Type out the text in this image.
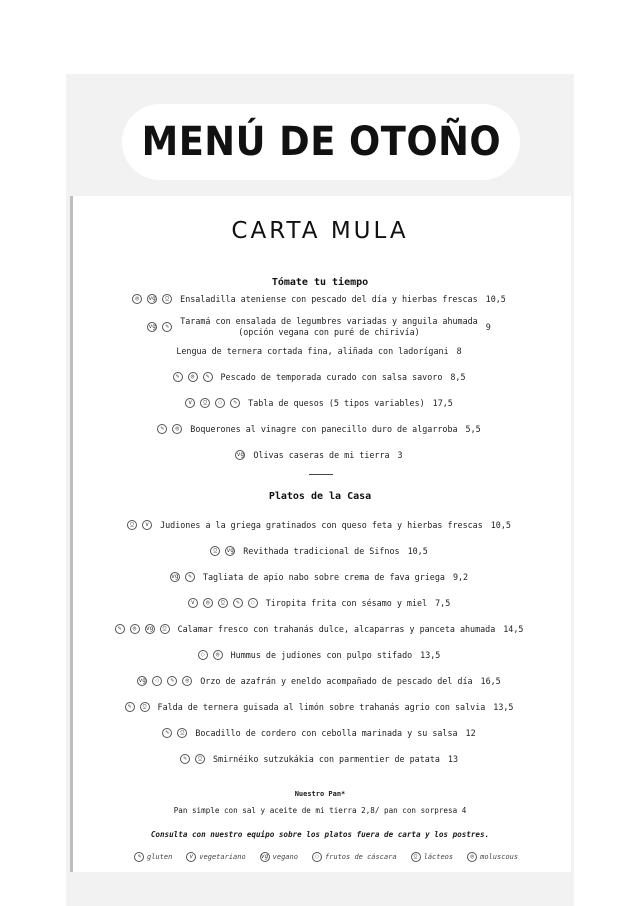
MENÚ DE OTOÑO
CARTA MULA
Tómate tu tiempo
◎	vg	⍜	Ensaladilla ateniense con pescado del día y hierbas frescas 10,5
vg	✎
Taramá con ensalada de legumbres variadas y anguila ahumada
(opción vegana con puré de chirivía)	9
Lengua de ternera cortada fina, aliñada con ladorígani 8
✎	◎	✎	Pescado de temporada curado con salsa savoro 8,5
v	⍜	◌	✎	Tabla de quesos (5 tipos variables) 17,5
✎	◎	Boquerones al vinagre con panecillo duro de algarroba 5,5
vg Olivas caseras de mi tierra 3
Platos de la Casa
⍜	v	Judiones a la griega gratinados con queso feta y hierbas frescas 10,5
⍜	vg Revithada tradicional de Sifnos 10,5
vg	✎	Tagliata de apio nabo sobre crema de fava griega 9,2
v	◎	⍜	✎	◌	Tiropita frita con sésamo y miel 7,5
✎	◎	vg	⍜	Calamar fresco con trahanás dulce, alcaparras y panceta ahumada 14,5
◌	◎	Hummus de judiones con pulpo stifado 13,5
vg	◌	✎	◎	Orzo de azafrán y eneldo acompañado de pescado del día 16,5
✎	⍜	Falda de ternera guisada al limón sobre trahanás agrio con salvia 13,5
✎	⍜	Bocadillo de cordero con cebolla marinada y su salsa 12
✎	⍜	Smirnéiko sutzukákia con parmentier de patata 13
Nuestro Pan*
Pan simple con sal y aceite de mi tierra 2,8/ pan con sorpresa 4
Consulta con nuestro equipo sobre los platos fuera de carta y los postres.
✎ gluten	v vegetariano	vg vegano	◌ frutos de cáscara	⍜ lácteos	◎ moluscous
